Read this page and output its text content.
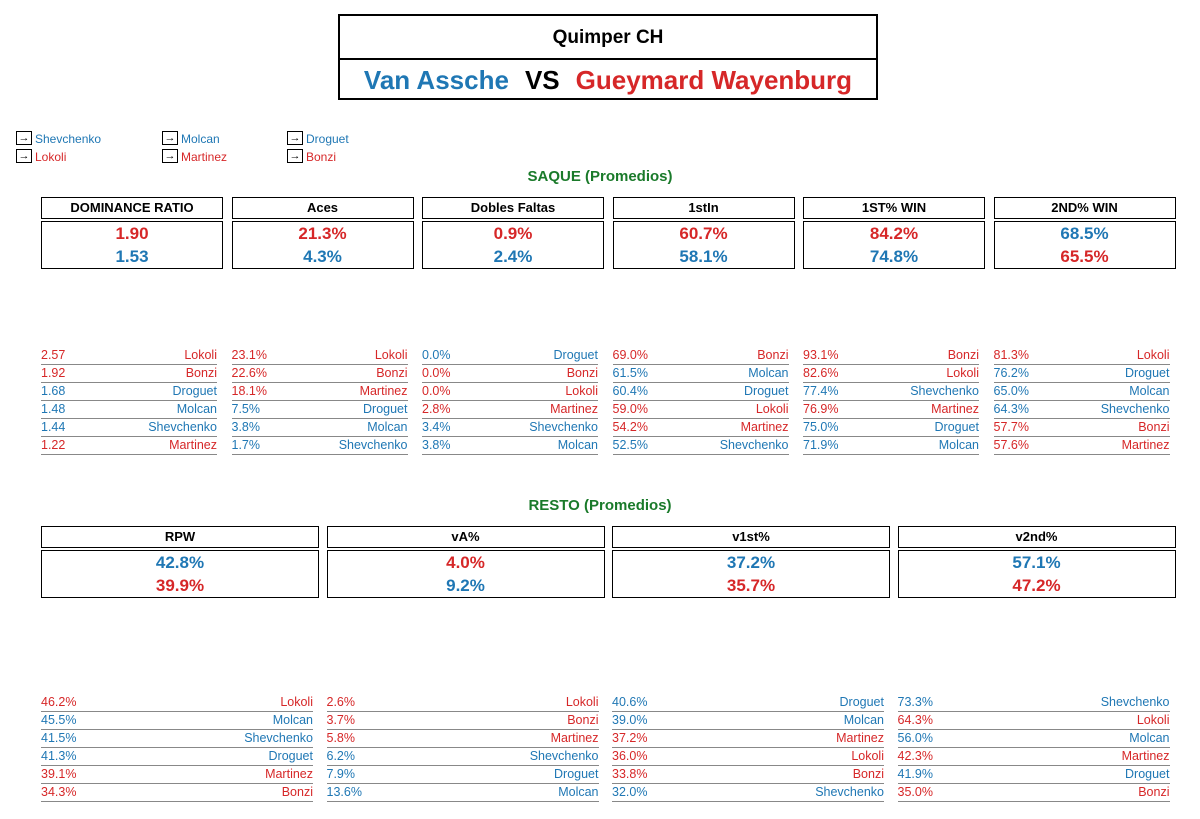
Quimper CH
Van Assche VS Gueymard Wayenburg
→ Shevchenko
→ Lokoli
→ Molcan
→ Martinez
→ Droguet
→ Bonzi
SAQUE (Promedios)
DOMINANCE RATIO
1.90
1.53
2.57	Lokoli
1.92	Bonzi
1.68	Droguet
1.48	Molcan
1.44	Shevchenko
1.22	Martinez
Aces
21.3%
4.3%
23.1%	Lokoli
22.6%	Bonzi
18.1%	Martinez
7.5%	Droguet
3.8%	Molcan
1.7%	Shevchenko
Dobles Faltas
0.9%
2.4%
0.0%	Droguet
0.0%	Bonzi
0.0%	Lokoli
2.8%	Martinez
3.4%	Shevchenko
3.8%	Molcan
1stIn
60.7%
58.1%
69.0%	Bonzi
61.5%	Molcan
60.4%	Droguet
59.0%	Lokoli
54.2%	Martinez
52.5%	Shevchenko
1ST% WIN
84.2%
74.8%
93.1%	Bonzi
82.6%	Lokoli
77.4%	Shevchenko
76.9%	Martinez
75.0%	Droguet
71.9%	Molcan
2ND% WIN
68.5%
65.5%
81.3%	Lokoli
76.2%	Droguet
65.0%	Molcan
64.3%	Shevchenko
57.7%	Bonzi
57.6%	Martinez
RESTO (Promedios)
RPW
42.8%
39.9%
46.2%	Lokoli
45.5%	Molcan
41.5%	Shevchenko
41.3%	Droguet
39.1%	Martinez
34.3%	Bonzi
vA%
4.0%
9.2%
2.6%	Lokoli
3.7%	Bonzi
5.8%	Martinez
6.2%	Shevchenko
7.9%	Droguet
13.6%	Molcan
v1st%
37.2%
35.7%
40.6%	Droguet
39.0%	Molcan
37.2%	Martinez
36.0%	Lokoli
33.8%	Bonzi
32.0%	Shevchenko
v2nd%
57.1%
47.2%
73.3%	Shevchenko
64.3%	Lokoli
56.0%	Molcan
42.3%	Martinez
41.9%	Droguet
35.0%	Bonzi
